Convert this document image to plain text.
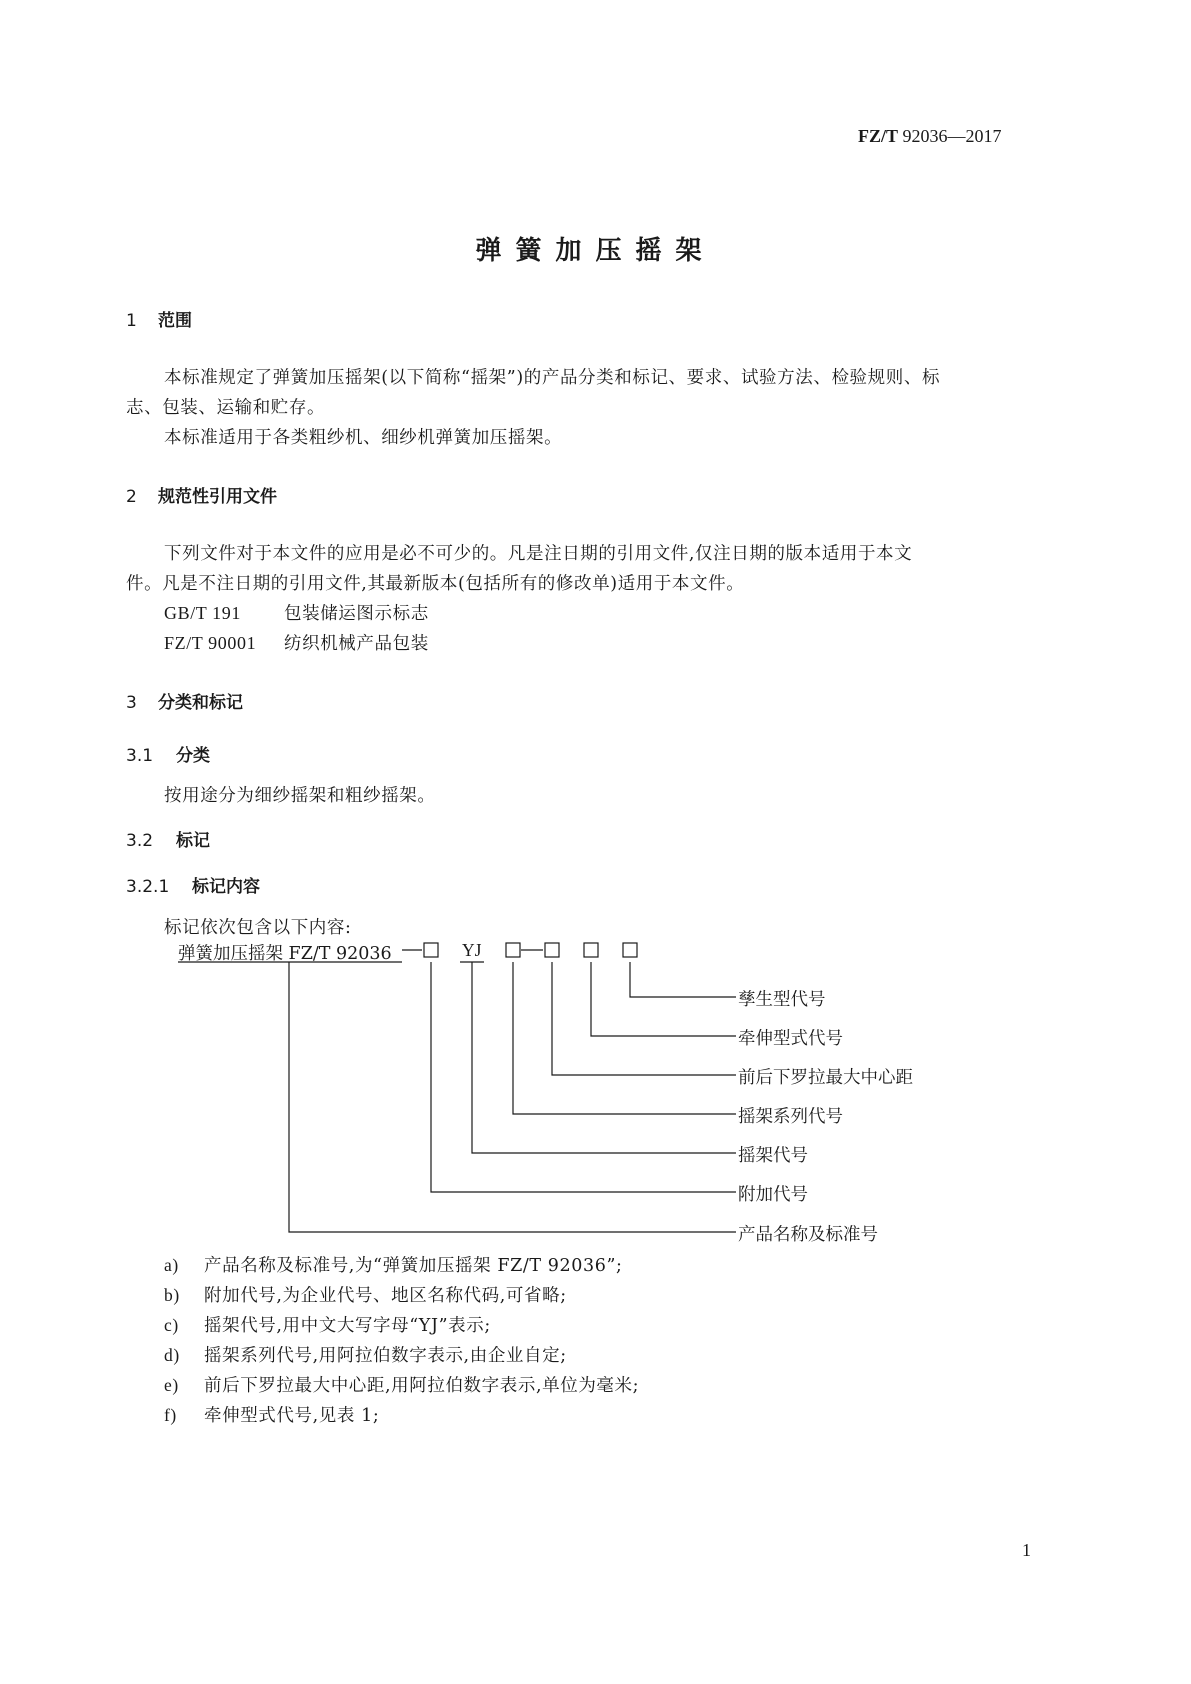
FZ/T 92036—2017
弹簧加压摇架
1 范围
本标准规定了弹簧加压摇架(以下简称“摇架”)的产品分类和标记、要求、试验方法、检验规则、标
志、包装、运输和贮存。
本标准适用于各类粗纱机、细纱机弹簧加压摇架。
2 规范性引用文件
下列文件对于本文件的应用是必不可少的。凡是注日期的引用文件,仅注日期的版本适用于本文
件。凡是不注日期的引用文件,其最新版本(包括所有的修改单)适用于本文件。
GB/T 191 包装储运图示标志
FZ/T 90001 纺织机械产品包装
3 分类和标记
3.1 分类
按用途分为细纱摇架和粗纱摇架。
3.2 标记
3.2.1 标记内容
标记依次包含以下内容:
弹簧加压摇架 FZ/T 92036	YJ
孳生型代号
牵伸型式代号
前后下罗拉最大中心距
摇架系列代号
摇架代号
附加代号
产品名称及标准号
a) 产品名称及标准号,为“弹簧加压摇架 FZ/T 92036”;
b) 附加代号,为企业代号、地区名称代码,可省略;
c) 摇架代号,用中文大写字母“YJ”表示;
d) 摇架系列代号,用阿拉伯数字表示,由企业自定;
e) 前后下罗拉最大中心距,用阿拉伯数字表示,单位为毫米;
f) 牵伸型式代号,见表 1;
1
